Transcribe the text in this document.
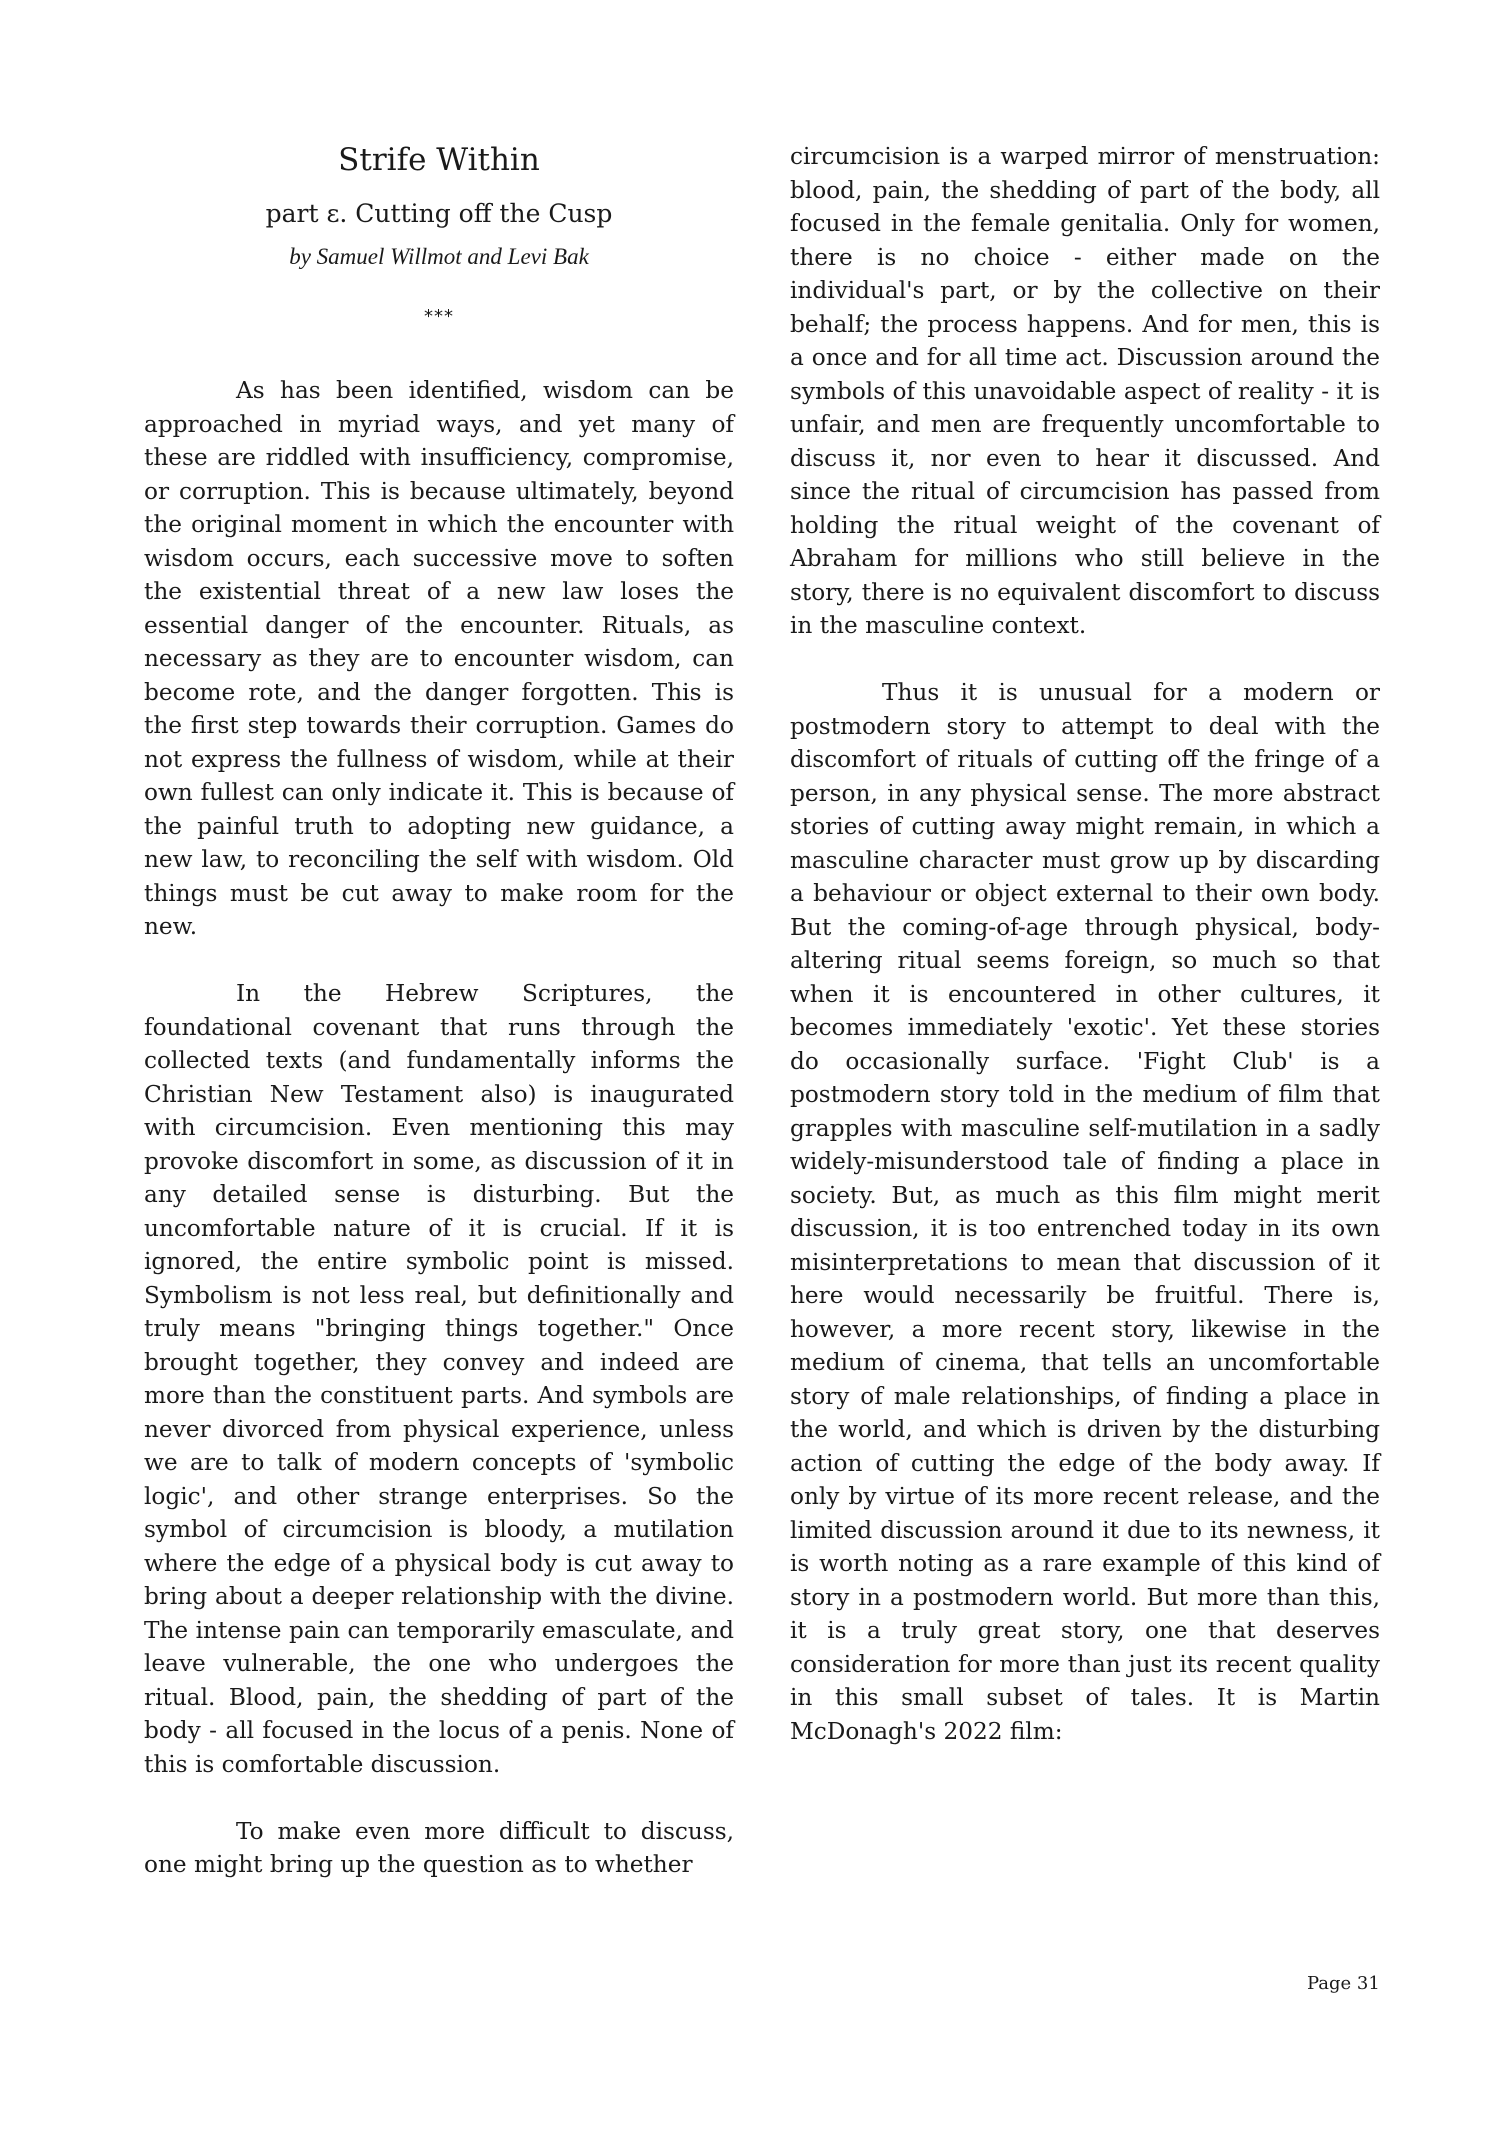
Strife Within
part ε. Cutting off the Cusp
by Samuel Willmot and Levi Bak
***

As has been identified, wisdom can be approached in myriad ways, and yet many of these are riddled with insufficiency, compromise, or corruption. This is because ultimately, beyond the original moment in which the encounter with wisdom occurs, each successive move to soften the existential threat of a new law loses the essential danger of the encounter. Rituals, as necessary as they are to encounter wisdom, can become rote, and the danger forgotten. This is the first step towards their corruption. Games do not express the fullness of wisdom, while at their own fullest can only indicate it. This is because of the painful truth to adopting new guidance, a new law, to reconciling the self with wisdom. Old things must be cut away to make room for the new.

In the Hebrew Scriptures, the foundational covenant that runs through the collected texts (and fundamentally informs the Christian New Testament also) is inaugurated with circumcision. Even mentioning this may provoke discomfort in some, as discussion of it in any detailed sense is disturbing. But the uncomfortable nature of it is crucial. If it is ignored, the entire symbolic point is missed. Symbolism is not less real, but definitionally and truly means "bringing things together." Once brought together, they convey and indeed are more than the constituent parts. And symbols are never divorced from physical experience, unless we are to talk of modern concepts of 'symbolic logic', and other strange enterprises. So the symbol of circumcision is bloody, a mutilation where the edge of a physical body is cut away to bring about a deeper relationship with the divine. The intense pain can temporarily emasculate, and leave vulnerable, the one who undergoes the ritual. Blood, pain, the shedding of part of the body - all focused in the locus of a penis. None of this is comfortable discussion.

To make even more difficult to discuss, one might bring up the question as to whether

circumcision is a warped mirror of menstruation: blood, pain, the shedding of part of the body, all focused in the female genitalia. Only for women, there is no choice - either made on the individual's part, or by the collective on their behalf; the process happens. And for men, this is a once and for all time act. Discussion around the symbols of this unavoidable aspect of reality - it is unfair, and men are frequently uncomfortable to discuss it, nor even to hear it discussed. And since the ritual of circumcision has passed from holding the ritual weight of the covenant of Abraham for millions who still believe in the story, there is no equivalent discomfort to discuss in the masculine context.

Thus it is unusual for a modern or postmodern story to attempt to deal with the discomfort of rituals of cutting off the fringe of a person, in any physical sense. The more abstract stories of cutting away might remain, in which a masculine character must grow up by discarding a behaviour or object external to their own body. But the coming-of-age through physical, body-altering ritual seems foreign, so much so that when it is encountered in other cultures, it becomes immediately 'exotic'. Yet these stories do occasionally surface. 'Fight Club' is a postmodern story told in the medium of film that grapples with masculine self-mutilation in a sadly widely-misunderstood tale of finding a place in society. But, as much as this film might merit discussion, it is too entrenched today in its own misinterpretations to mean that discussion of it here would necessarily be fruitful. There is, however, a more recent story, likewise in the medium of cinema, that tells an uncomfortable story of male relationships, of finding a place in the world, and which is driven by the disturbing action of cutting the edge of the body away. If only by virtue of its more recent release, and the limited discussion around it due to its newness, it is worth noting as a rare example of this kind of story in a postmodern world. But more than this, it is a truly great story, one that deserves consideration for more than just its recent quality in this small subset of tales. It is Martin McDonagh's 2022 film:

Page 31
